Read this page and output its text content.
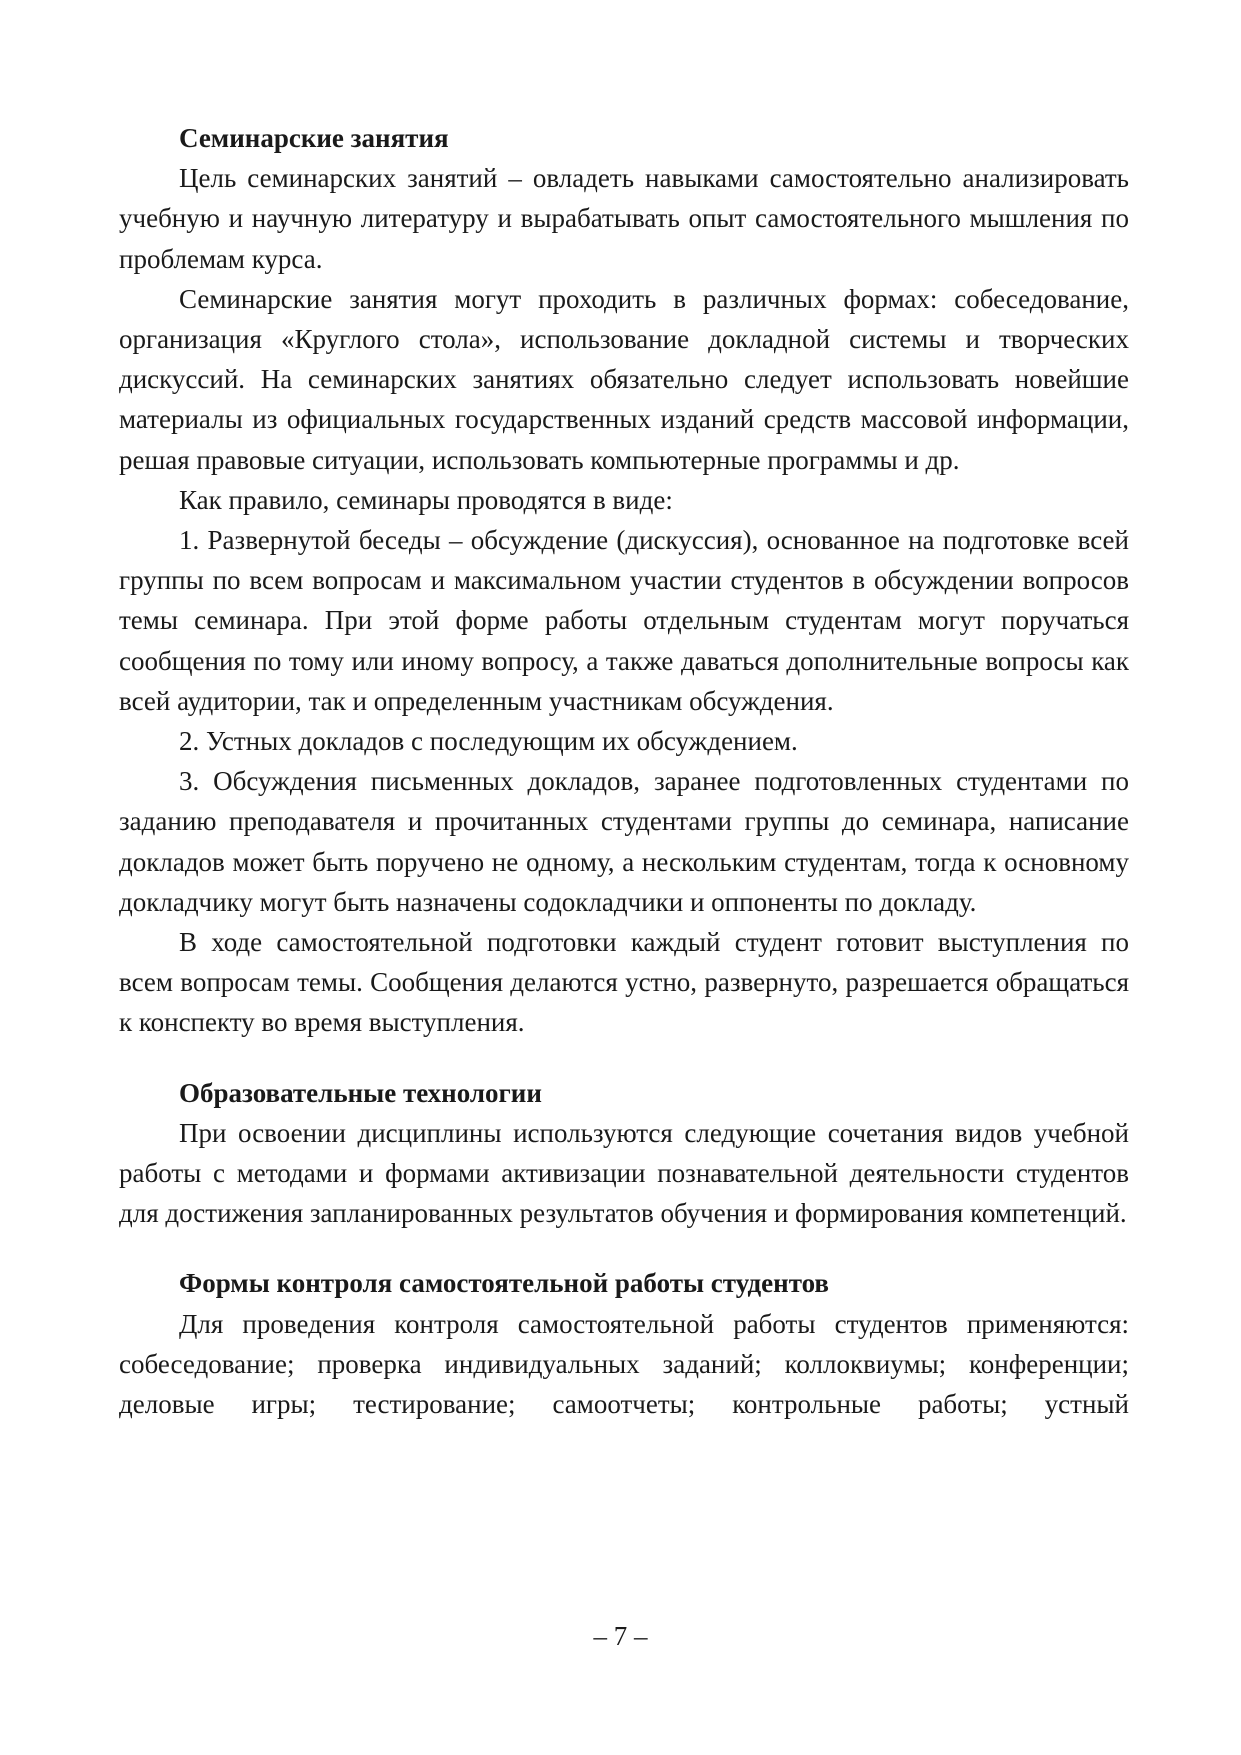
Семинарские занятия

Цель семинарских занятий – овладеть навыками самостоятельно анализировать учебную и научную литературу и вырабатывать опыт самостоятельного мышления по проблемам курса.

Семинарские занятия могут проходить в различных формах: собеседование, организация «Круглого стола», использование докладной системы и творческих дискуссий. На семинарских занятиях обязательно следует использовать новейшие материалы из официальных государственных изданий средств массовой информации, решая правовые ситуации, использовать компьютерные программы и др.

Как правило, семинары проводятся в виде:

1. Развернутой беседы – обсуждение (дискуссия), основанное на подготовке всей группы по всем вопросам и максимальном участии студентов в обсуждении вопросов темы семинара. При этой форме работы отдельным студентам могут поручаться сообщения по тому или иному вопросу, а также даваться дополнительные вопросы как всей аудитории, так и определенным участникам обсуждения.

2. Устных докладов с последующим их обсуждением.

3. Обсуждения письменных докладов, заранее подготовленных студентами по заданию преподавателя и прочитанных студентами группы до семинара, написание докладов может быть поручено не одному, а нескольким студентам, тогда к основному докладчику могут быть назначены содокладчики и оппоненты по докладу.

В ходе самостоятельной подготовки каждый студент готовит выступления по всем вопросам темы. Сообщения делаются устно, развернуто, разрешается обращаться к конспекту во время выступления.

Образовательные технологии

При освоении дисциплины используются следующие сочетания видов учебной работы с методами и формами активизации познавательной деятельности студентов для достижения запланированных результатов обучения и формирования компетенций.

Формы контроля самостоятельной работы студентов

Для проведения контроля самостоятельной работы студентов применяются: собеседование; проверка индивидуальных заданий; коллоквиумы; конференции; деловые игры; тестирование; самоотчеты; контрольные работы; устный

– 7 –
